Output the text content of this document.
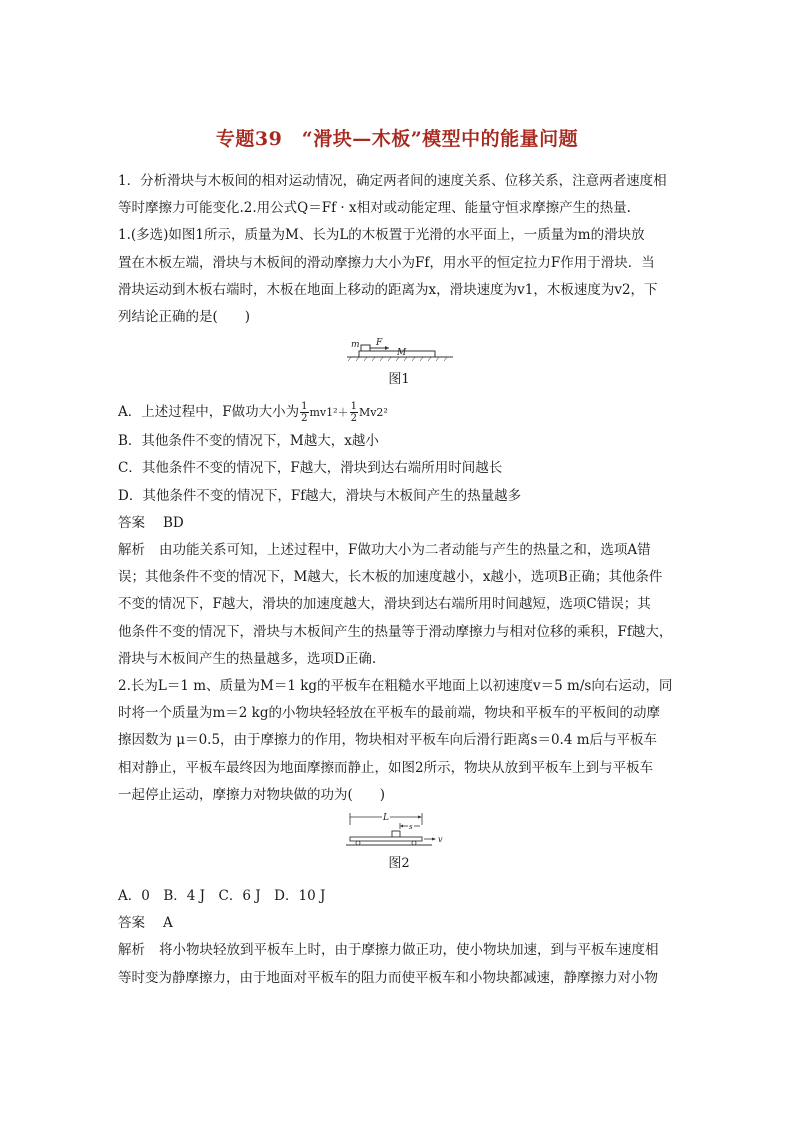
专题39　“滑块—木板”模型中的能量问题

1．分析滑块与木板间的相对运动情况，确定两者间的速度关系、位移关系，注意两者速度相
等时摩擦力可能变化.2.用公式Q＝Ff · x相对或动能定理、能量守恒求摩擦产生的热量.

1.(多选)如图1所示，质量为M、长为L的木板置于光滑的水平面上，一质量为m的滑块放
置在木板左端，滑块与木板间的滑动摩擦力大小为Ff，用水平的恒定拉力F作用于滑块．当
滑块运动到木板右端时，木板在地面上移动的距离为x，滑块速度为v1，木板速度为v2，下
列结论正确的是(　　)

m F
M
图1
A．上述过程中，F做功大小为 $\frac{1}{2} mv1^2+ \frac{1}{2} Mv2^2$
B．其他条件不变的情况下，M越大，x越小
C．其他条件不变的情况下，F越大，滑块到达右端所用时间越长
D．其他条件不变的情况下，Ff越大，滑块与木板间产生的热量越多
答案 BD

解析 由功能关系可知，上述过程中，F做功大小为二者动能与产生的热量之和，选项A错
误；其他条件不变的情况下，M越大，长木板的加速度越小，x越小，选项B正确；其他条件
不变的情况下，F越大，滑块的加速度越大，滑块到达右端所用时间越短，选项C错误；其
他条件不变的情况下，滑块与木板间产生的热量等于滑动摩擦力与相对位移的乘积，Ff越大，
滑块与木板间产生的热量越多，选项D正确.

2.长为L＝1 m、质量为M＝1 kg的平板车在粗糙水平地面上以初速度v＝5 m/s向右运动，同
时将一个质量为m＝2 kg的小物块轻轻放在平板车的最前端，物块和平板车的平板间的动摩
擦因数为 μ＝0.5，由于摩擦力的作用，物块相对平板车向后滑行距离s＝0.4 m后与平板车
相对静止，平板车最终因为地面摩擦而静止，如图2所示，物块从放到平板车上到与平板车
一起停止运动，摩擦力对物块做的功为(　　)

L
s
v
图2
A．0　B．4 J　C．6 J　D．10 J
答案 A

解析 将小物块轻放到平板车上时，由于摩擦力做正功，使小物块加速，到与平板车速度相
等时变为静摩擦力，由于地面对平板车的阻力而使平板车和小物块都减速，静摩擦力对小物
